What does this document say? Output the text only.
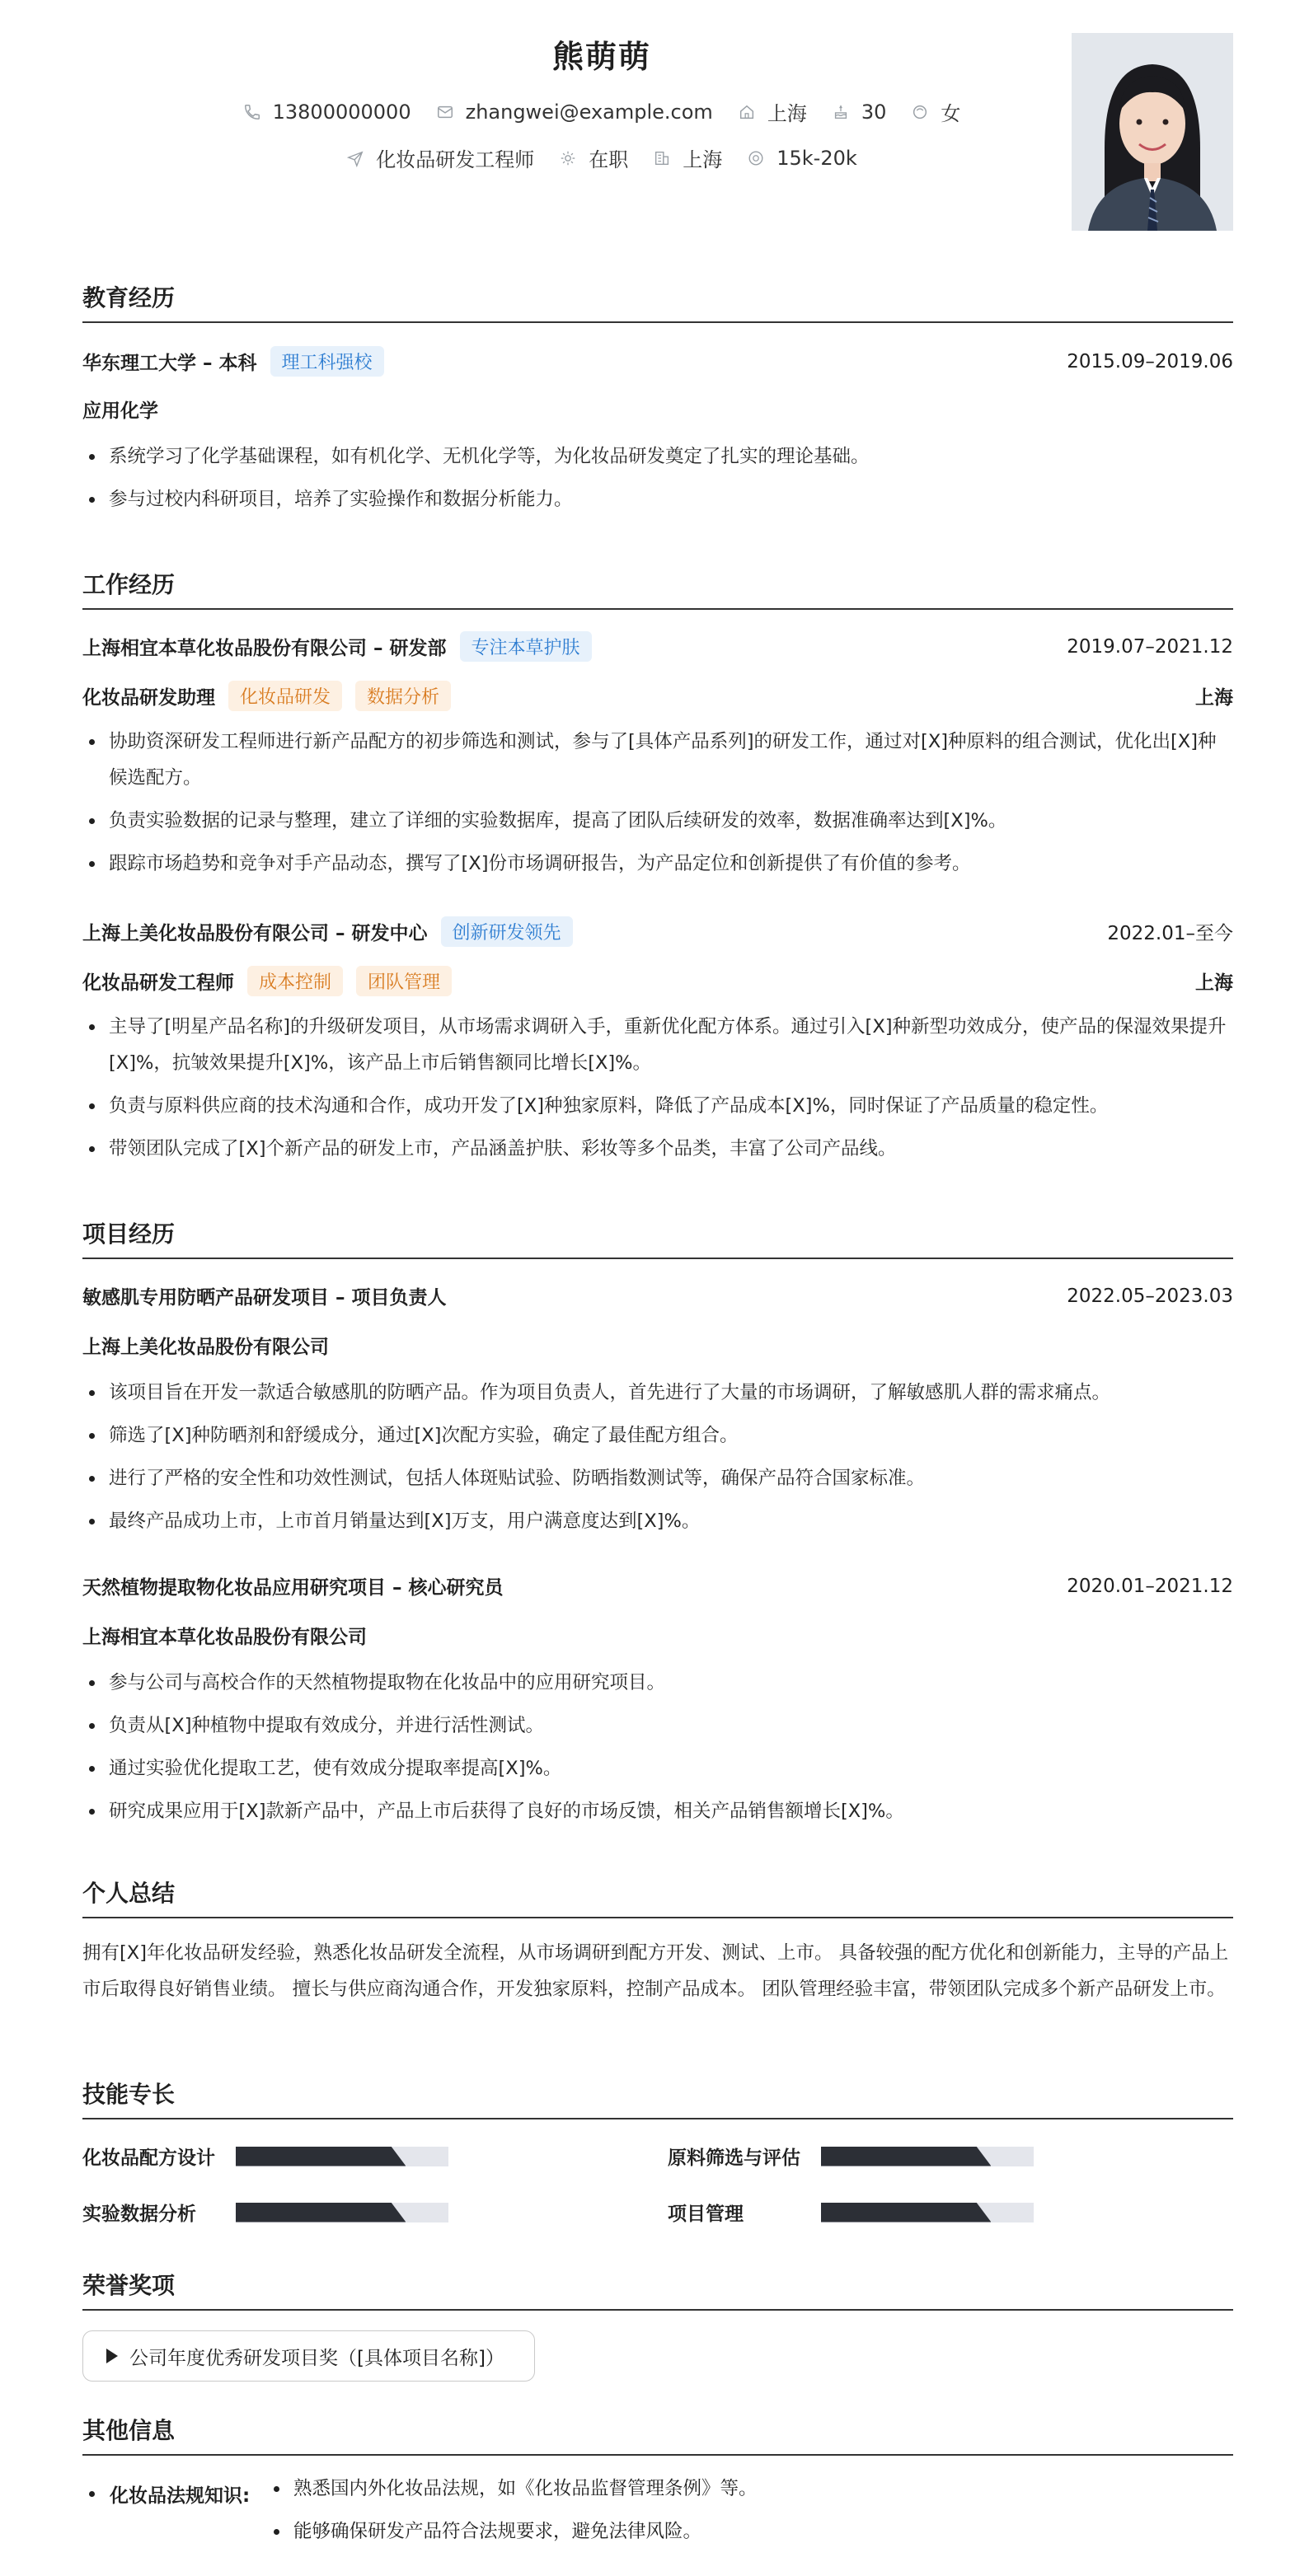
熊萌萌
13800000000	zhangwei@example.com	上海	30	女
化妆品研发工程师	在职	上海	15k-20k
教育经历
华东理工大学 – 本科	理工科强校	2015.09–2019.06
应用化学
系统学习了化学基础课程，如有机化学、无机化学等，为化妆品研发奠定了扎实的理论基础。
参与过校内科研项目，培养了实验操作和数据分析能力。
工作经历
上海相宜本草化妆品股份有限公司 – 研发部	专注本草护肤	2019.07–2021.12
化妆品研发助理	化妆品研发	数据分析	上海
协助资深研发工程师进行新产品配方的初步筛选和测试，参与了[具体产品系列]的研发工作，通过对[X]种原料的组合测试，优化出[X]种候选配方。
负责实验数据的记录与整理，建立了详细的实验数据库，提高了团队后续研发的效率，数据准确率达到[X]%。
跟踪市场趋势和竞争对手产品动态，撰写了[X]份市场调研报告，为产品定位和创新提供了有价值的参考。
上海上美化妆品股份有限公司 – 研发中心	创新研发领先	2022.01–至今
化妆品研发工程师	成本控制	团队管理	上海
主导了[明星产品名称]的升级研发项目，从市场需求调研入手，重新优化配方体系。通过引入[X]种新型功效成分，使产品的保湿效果提升[X]%，抗皱效果提升[X]%，该产品上市后销售额同比增长[X]%。
负责与原料供应商的技术沟通和合作，成功开发了[X]种独家原料，降低了产品成本[X]%，同时保证了产品质量的稳定性。
带领团队完成了[X]个新产品的研发上市，产品涵盖护肤、彩妆等多个品类，丰富了公司产品线。
项目经历
敏感肌专用防晒产品研发项目 – 项目负责人	2022.05–2023.03
上海上美化妆品股份有限公司
该项目旨在开发一款适合敏感肌的防晒产品。作为项目负责人，首先进行了大量的市场调研，了解敏感肌人群的需求痛点。
筛选了[X]种防晒剂和舒缓成分，通过[X]次配方实验，确定了最佳配方组合。
进行了严格的安全性和功效性测试，包括人体斑贴试验、防晒指数测试等，确保产品符合国家标准。
最终产品成功上市，上市首月销量达到[X]万支，用户满意度达到[X]%。
天然植物提取物化妆品应用研究项目 – 核心研究员	2020.01–2021.12
上海相宜本草化妆品股份有限公司
参与公司与高校合作的天然植物提取物在化妆品中的应用研究项目。
负责从[X]种植物中提取有效成分，并进行活性测试。
通过实验优化提取工艺，使有效成分提取率提高[X]%。
研究成果应用于[X]款新产品中，产品上市后获得了良好的市场反馈，相关产品销售额增长[X]%。
个人总结
拥有[X]年化妆品研发经验，熟悉化妆品研发全流程，从市场调研到配方开发、测试、上市。 具备较强的配方优化和创新能力，主导的产品上市后取得良好销售业绩。 擅长与供应商沟通合作，开发独家原料，控制产品成本。 团队管理经验丰富，带领团队完成多个新产品研发上市。
技能专长
化妆品配方设计	原料筛选与评估
实验数据分析	项目管理
荣誉奖项
公司年度优秀研发项目奖（[具体项目名称]）
其他信息
化妆品法规知识:	熟悉国内外化妆品法规，如《化妆品监督管理条例》等。
能够确保研发产品符合法规要求，避免法律风险。
